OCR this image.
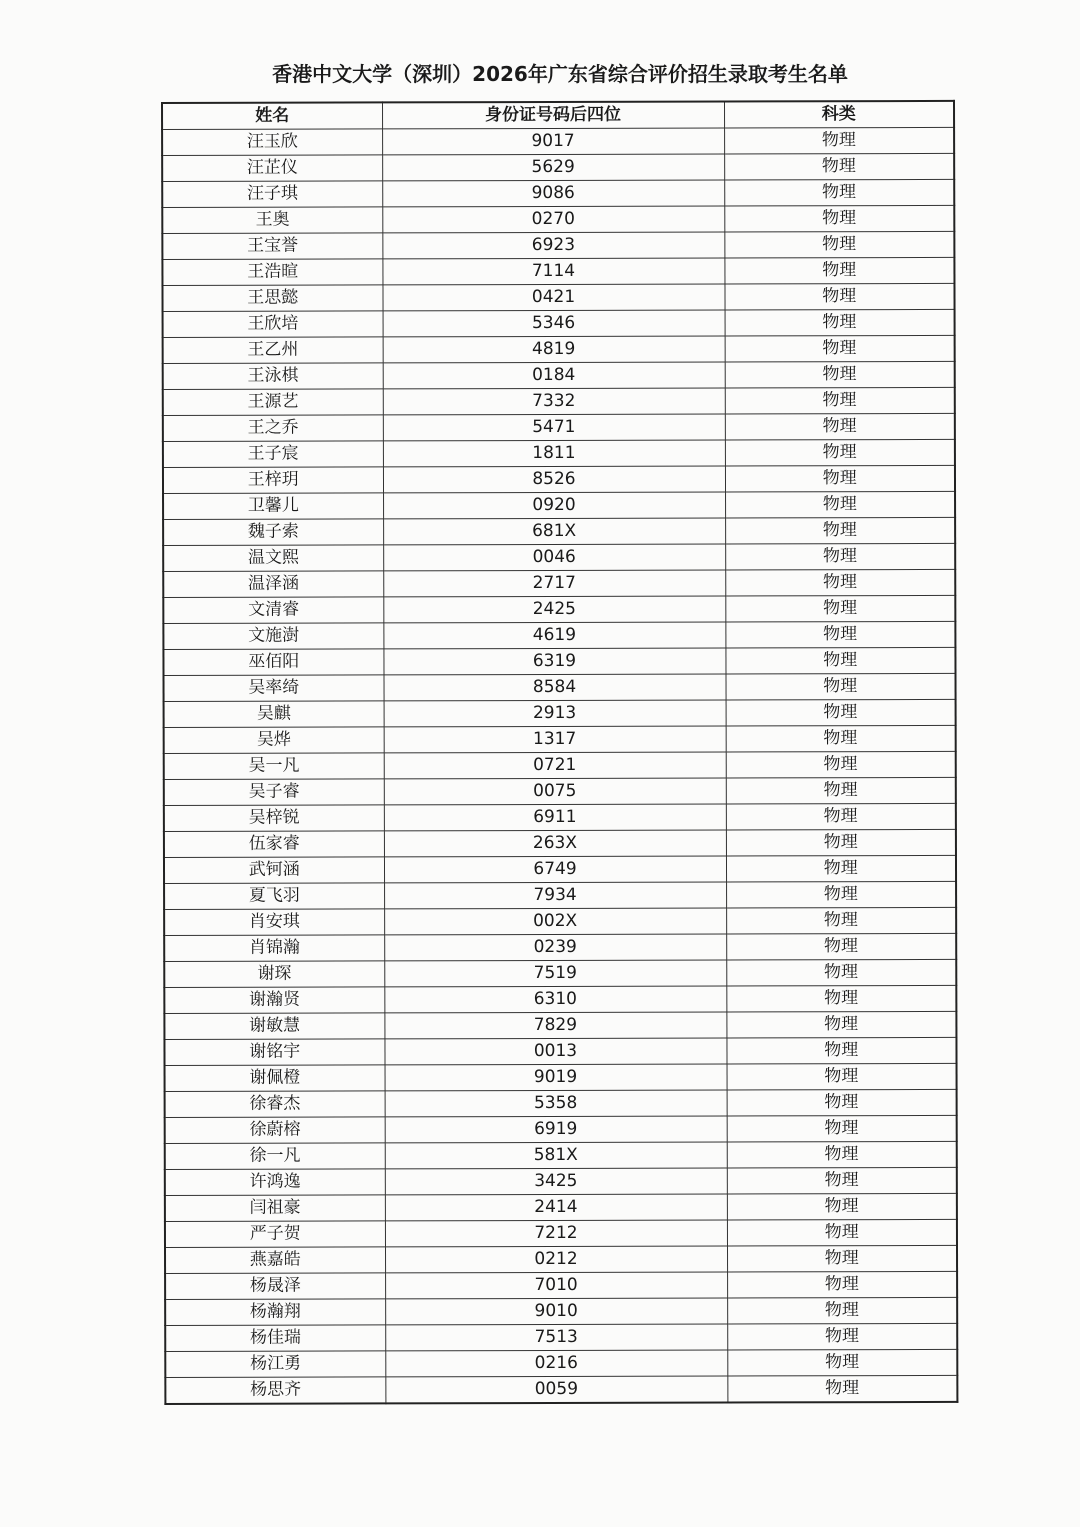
香港中文大学（深圳）2026年广东省综合评价招生录取考生名单
姓名	身份证号码后四位	科类
汪玉欣	9017	物理
汪芷仪	5629	物理
汪子琪	9086	物理
王奥	0270	物理
王宝誉	6923	物理
王浩暄	7114	物理
王思懿	0421	物理
王欣培	5346	物理
王乙州	4819	物理
王泳棋	0184	物理
王源艺	7332	物理
王之乔	5471	物理
王子宸	1811	物理
王梓玥	8526	物理
卫馨儿	0920	物理
魏子索	681X	物理
温文熙	0046	物理
温泽涵	2717	物理
文清睿	2425	物理
文施澍	4619	物理
巫佰阳	6319	物理
吴率绮	8584	物理
吴麒	2913	物理
吴烨	1317	物理
吴一凡	0721	物理
吴子睿	0075	物理
吴梓锐	6911	物理
伍家睿	263X	物理
武钶涵	6749	物理
夏飞羽	7934	物理
肖安琪	002X	物理
肖锦瀚	0239	物理
谢琛	7519	物理
谢瀚贤	6310	物理
谢敏慧	7829	物理
谢铭宇	0013	物理
谢佩橙	9019	物理
徐睿杰	5358	物理
徐蔚榕	6919	物理
徐一凡	581X	物理
许鸿逸	3425	物理
闫祖豪	2414	物理
严子贺	7212	物理
燕嘉皓	0212	物理
杨晟泽	7010	物理
杨瀚翔	9010	物理
杨佳瑞	7513	物理
杨江勇	0216	物理
杨思齐	0059	物理
